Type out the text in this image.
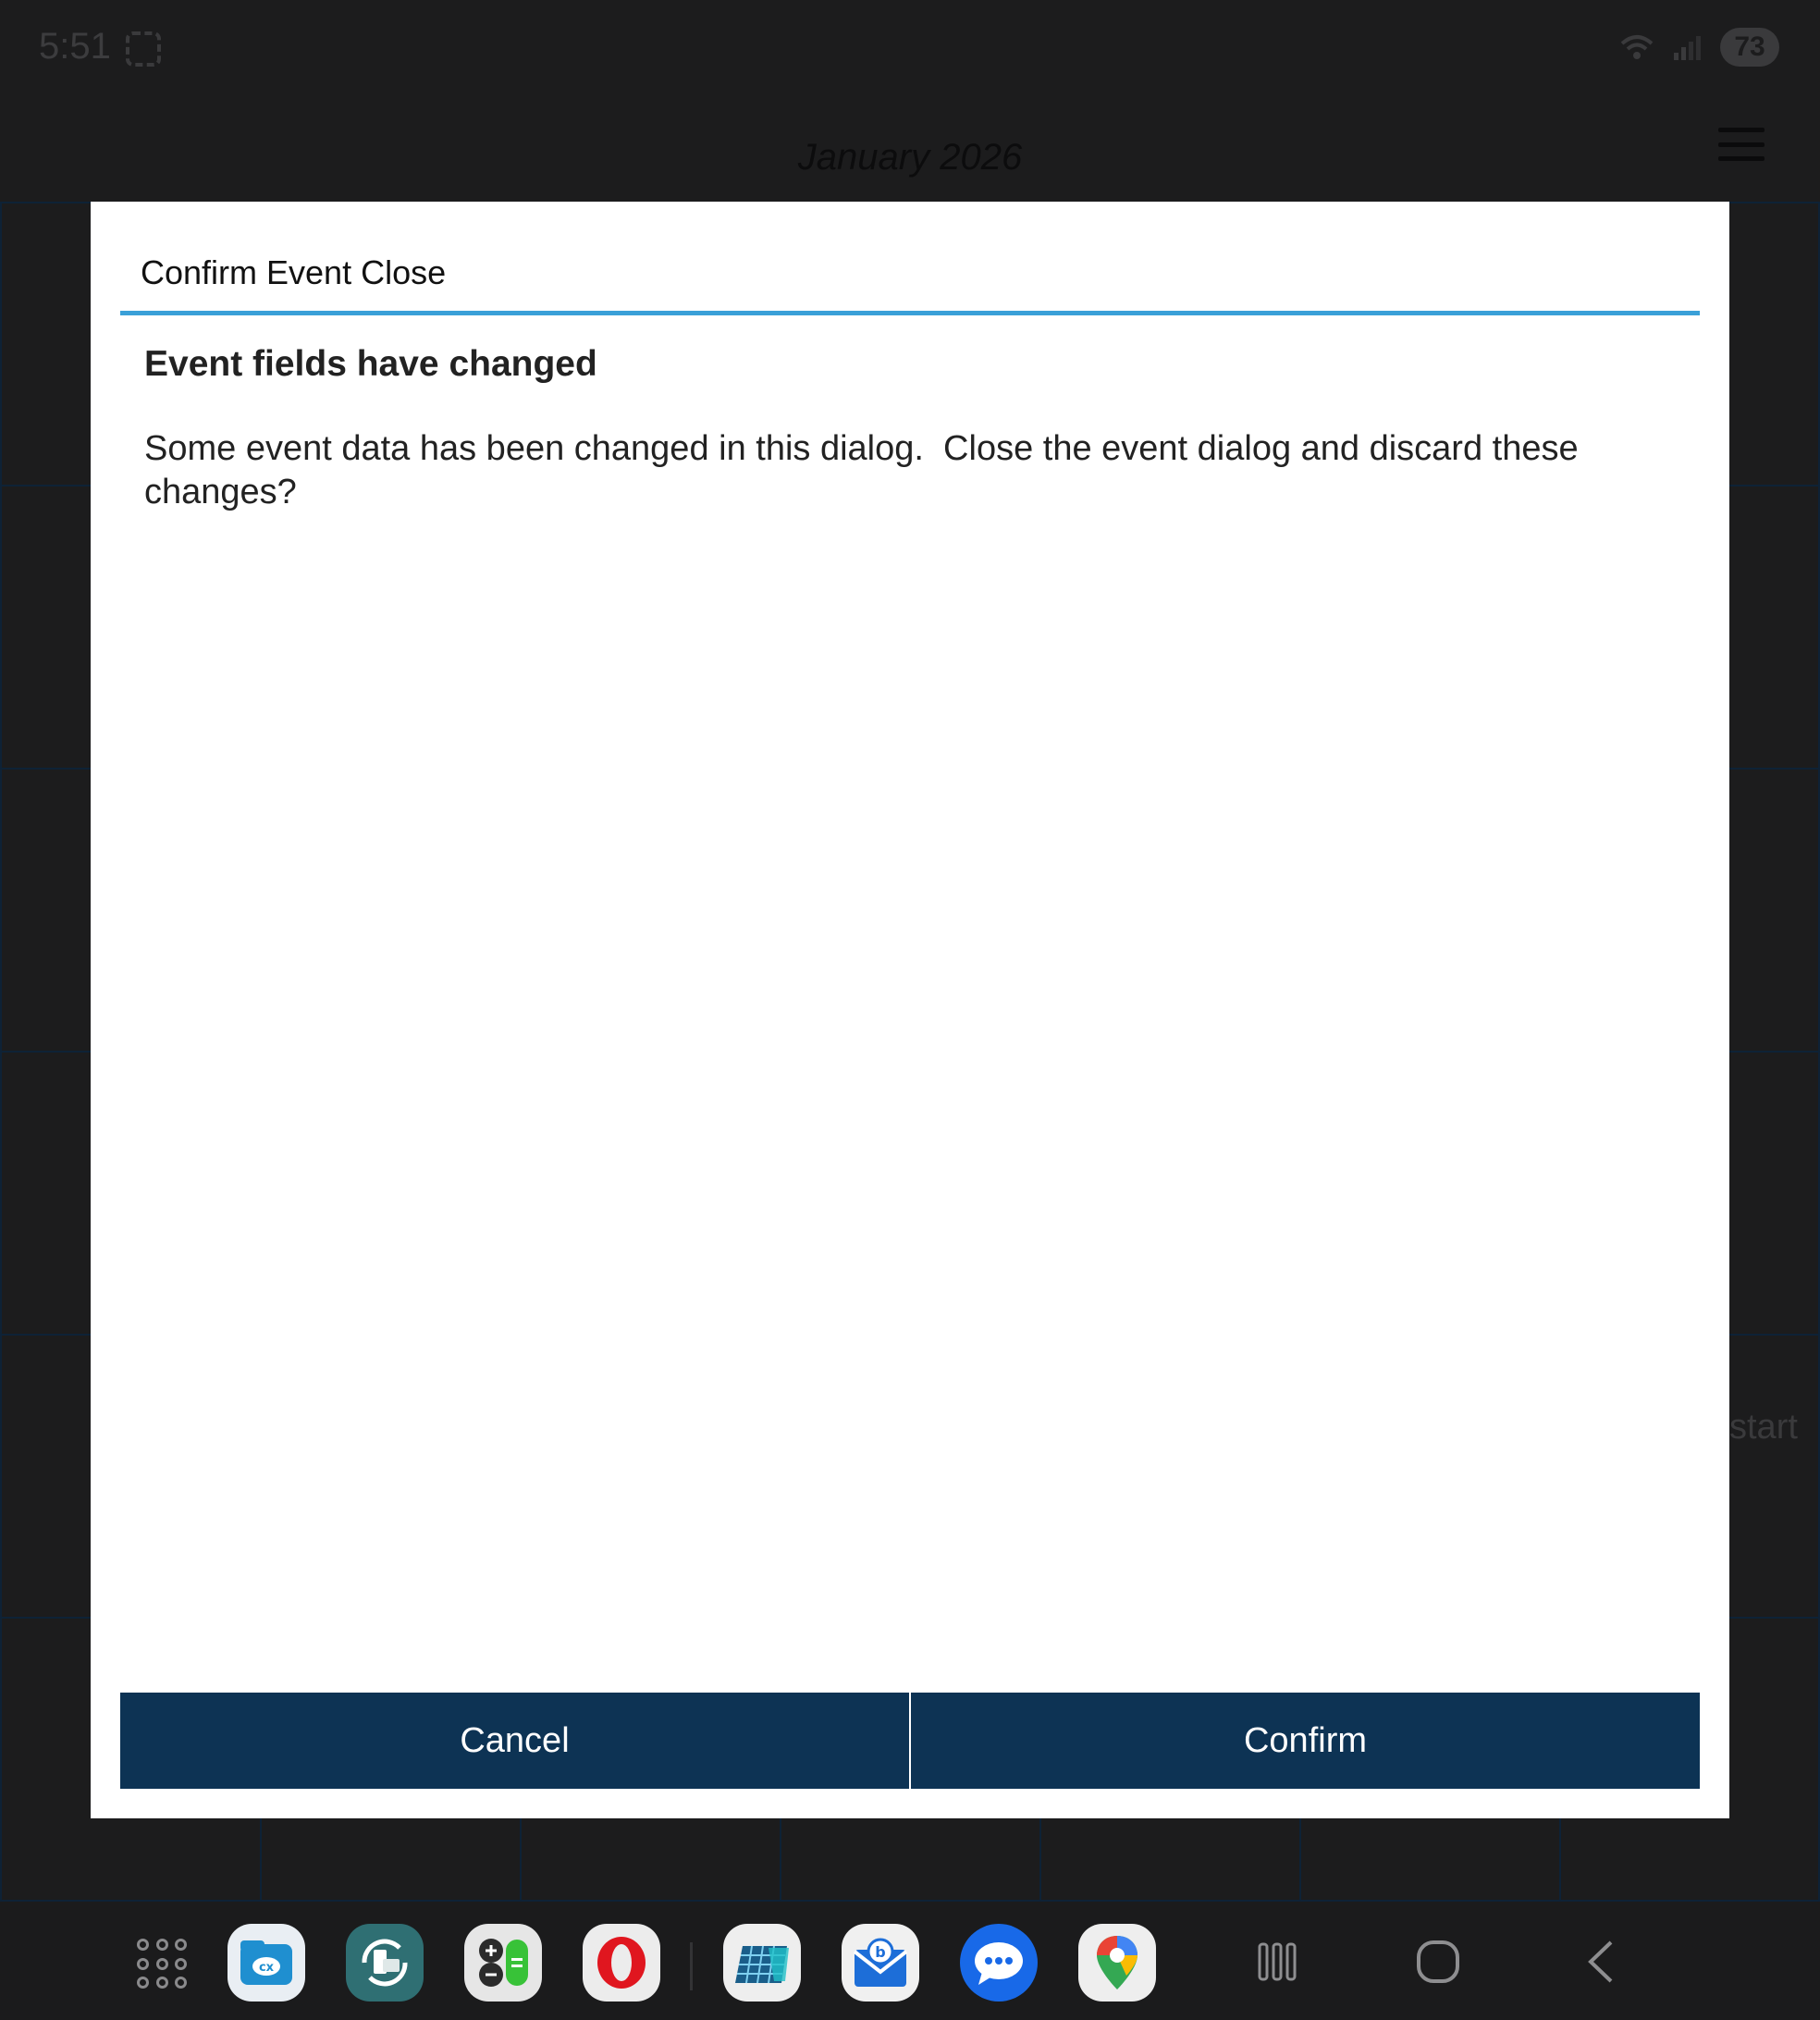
5:51	73
January 2026
start
Confirm Event Close
Event fields have changed
Some event data has been changed in this dialog.  Close the event dialog and discard these changes?
Cancel	Confirm
cx
b
